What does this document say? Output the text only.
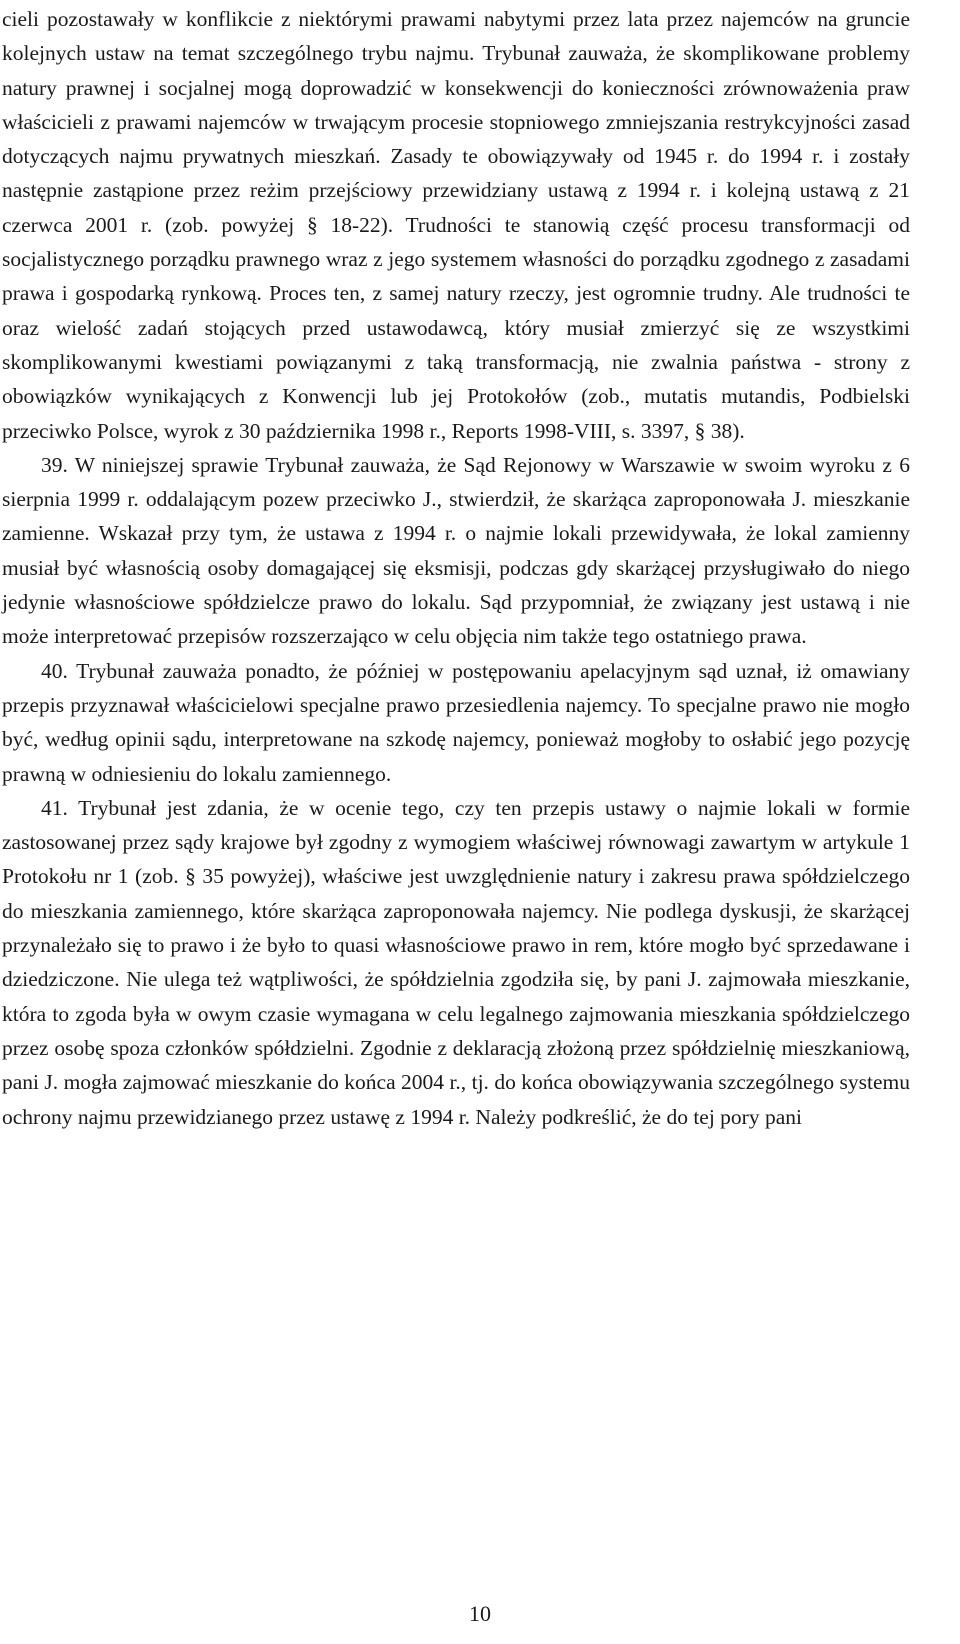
cieli pozostawały w konflikcie z niektórymi prawami nabytymi przez lata przez najemców na gruncie kolejnych ustaw na temat szczególnego trybu najmu. Trybunał zauważa, że skomplikowane problemy natury prawnej i socjalnej mogą doprowadzić w konsekwencji do konieczności zrównoważenia praw właścicieli z prawami najemców w trwającym procesie stopniowego zmniejszania restrykcyjności zasad dotyczących najmu prywatnych mieszkań. Zasady te obowiązywały od 1945 r. do 1994 r. i zostały następnie zastąpione przez reżim przejściowy przewidziany ustawą z 1994 r. i kolejną ustawą z 21 czerwca 2001 r. (zob. powyżej § 18-22). Trudności te stanowią część procesu transformacji od socjalistycznego porządku prawnego wraz z jego systemem własności do porządku zgodnego z zasadami prawa i gospodarką rynkową. Proces ten, z samej natury rzeczy, jest ogromnie trudny. Ale trudności te oraz wielość zadań stojących przed ustawodawcą, który musiał zmierzyć się ze wszystkimi skomplikowanymi kwestiami powiązanymi z taką transformacją, nie zwalnia państwa - strony z obowiązków wynikających z Konwencji lub jej Protokołów (zob., mutatis mutandis, Podbielski przeciwko Polsce, wyrok z 30 października 1998 r., Reports 1998-VIII, s. 3397, § 38).

39. W niniejszej sprawie Trybunał zauważa, że Sąd Rejonowy w Warszawie w swoim wyroku z 6 sierpnia 1999 r. oddalającym pozew przeciwko J., stwierdził, że skarżąca zaproponowała J. mieszkanie zamienne. Wskazał przy tym, że ustawa z 1994 r. o najmie lokali przewidywała, że lokal zamienny musiał być własnością osoby domagającej się eksmisji, podczas gdy skarżącej przysługiwało do niego jedynie własnościowe spółdzielcze prawo do lokalu. Sąd przypomniał, że związany jest ustawą i nie może interpretować przepisów rozszerzająco w celu objęcia nim także tego ostatniego prawa.

40. Trybunał zauważa ponadto, że później w postępowaniu apelacyjnym sąd uznał, iż omawiany przepis przyznawał właścicielowi specjalne prawo przesiedlenia najemcy. To specjalne prawo nie mogło być, według opinii sądu, interpretowane na szkodę najemcy, ponieważ mogłoby to osłabić jego pozycję prawną w odniesieniu do lokalu zamiennego.

41. Trybunał jest zdania, że w ocenie tego, czy ten przepis ustawy o najmie lokali w formie zastosowanej przez sądy krajowe był zgodny z wymogiem właściwej równowagi zawartym w artykule 1 Protokołu nr 1 (zob. § 35 powyżej), właściwe jest uwzględnienie natury i zakresu prawa spółdzielczego do mieszkania zamiennego, które skarżąca zaproponowała najemcy. Nie podlega dyskusji, że skarżącej przynależało się to prawo i że było to quasi własnościowe prawo in rem, które mogło być sprzedawane i dziedziczone. Nie ulega też wątpliwości, że spółdzielnia zgodziła się, by pani J. zajmowała mieszkanie, która to zgoda była w owym czasie wymagana w celu legalnego zajmowania mieszkania spółdzielczego przez osobę spoza członków spółdzielni. Zgodnie z deklaracją złożoną przez spółdzielnię mieszkaniową, pani J. mogła zajmować mieszkanie do końca 2004 r., tj. do końca obowiązywania szczególnego systemu ochrony najmu przewidzianego przez ustawę z 1994 r. Należy podkreślić, że do tej pory pani

10
